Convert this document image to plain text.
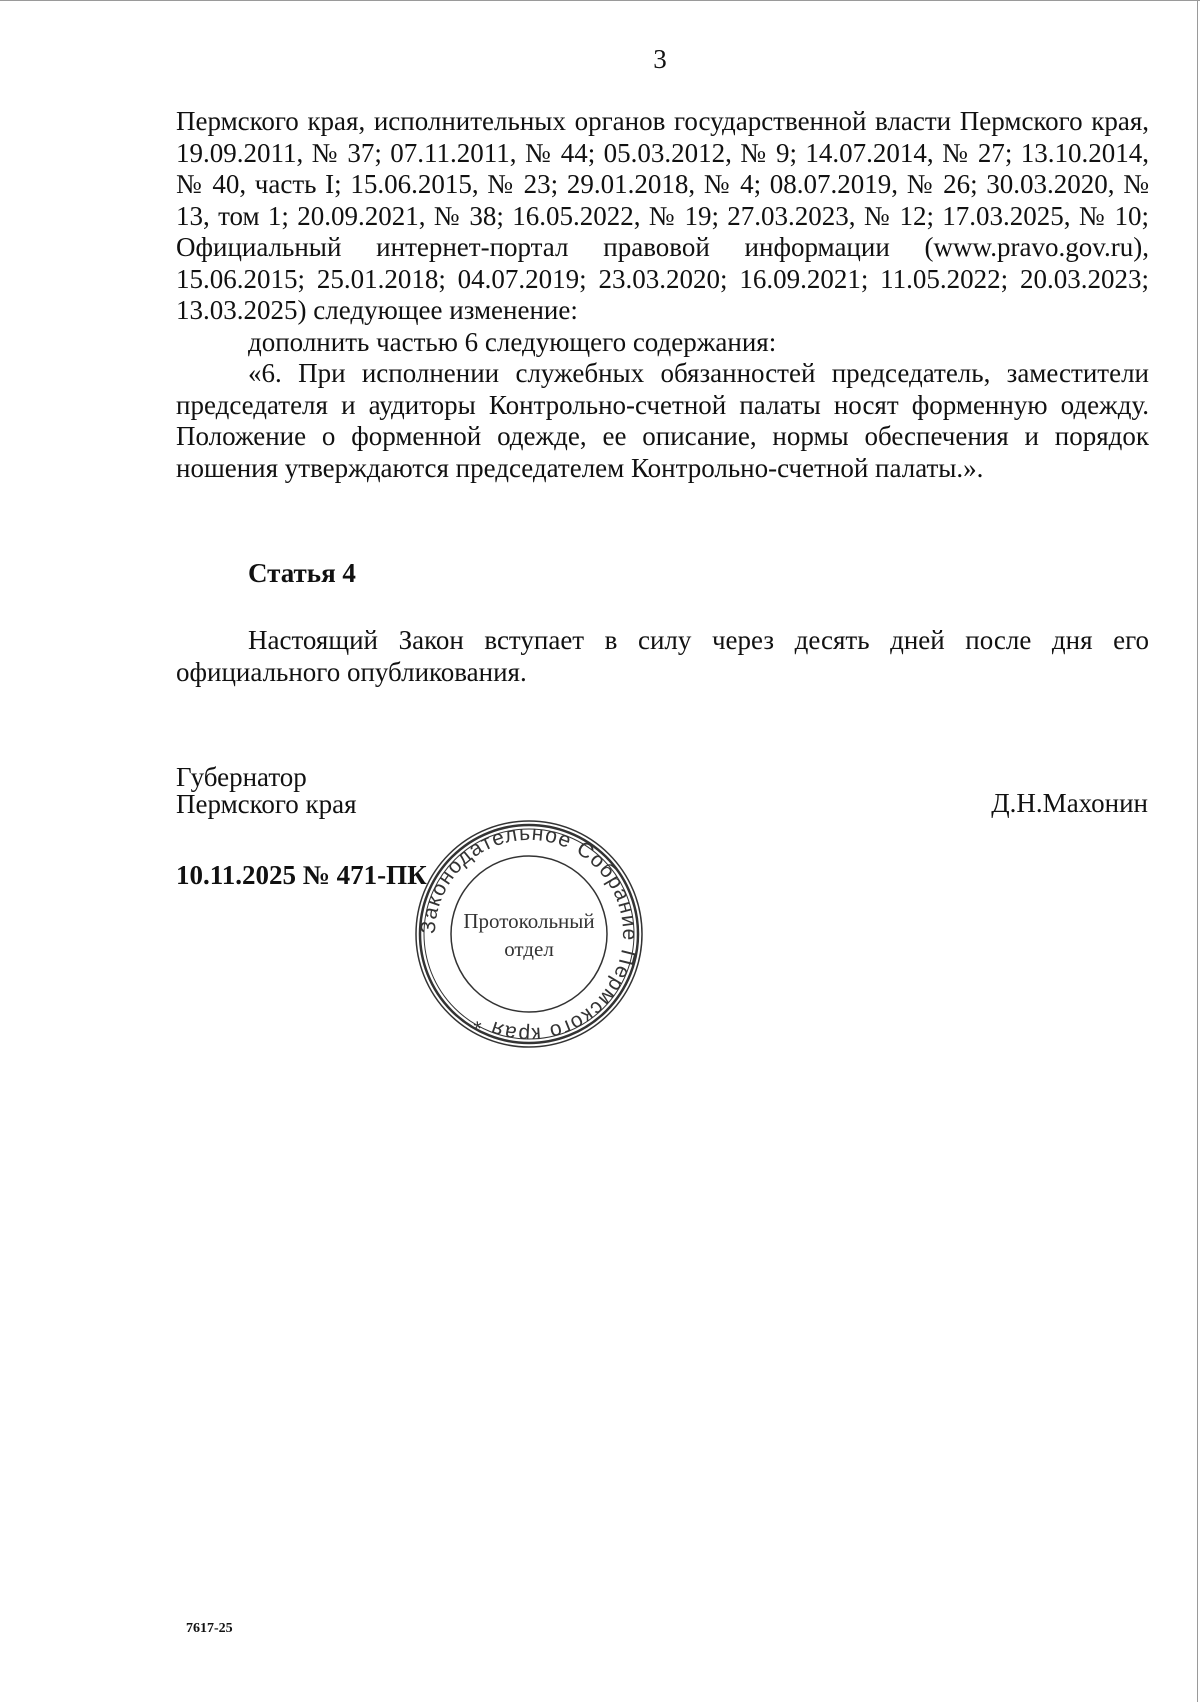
3

Пермского края, исполнительных органов государственной власти Пермского края, 19.09.2011, № 37; 07.11.2011, № 44; 05.03.2012, № 9; 14.07.2014, № 27; 13.10.2014, № 40, часть I; 15.06.2015, № 23; 29.01.2018, № 4; 08.07.2019, № 26; 30.03.2020, № 13, том 1; 20.09.2021, № 38; 16.05.2022, № 19; 27.03.2023, № 12; 17.03.2025, № 10; Официальный интернет-портал правовой информации (www.pravo.gov.ru), 15.06.2015; 25.01.2018; 04.07.2019; 23.03.2020; 16.09.2021; 11.05.2022; 20.03.2023; 13.03.2025) следующее изменение:

дополнить частью 6 следующего содержания:

«6. При исполнении служебных обязанностей председатель, заместители председателя и аудиторы Контрольно-счетной палаты носят форменную одежду. Положение о форменной одежде, ее описание, нормы обеспечения и порядок ношения утверждаются председателем Контрольно-счетной палаты.».

Статья 4

Настоящий Закон вступает в силу через десять дней после дня его официального опубликования.

Губернатор
Пермского края	Д.Н.Махонин
10.11.2025 № 471-ПК
Законодательное Собрание Пермского края *
Протокольный
отдел
7617-25
